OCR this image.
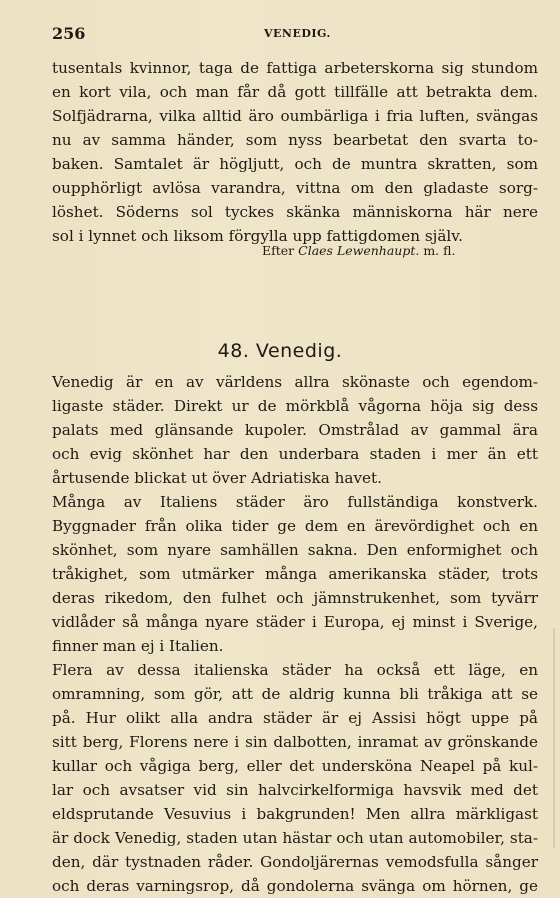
256	VENEDIG.
tusentals kvinnor, taga de fattiga arbeterskorna sig stundom
en kort vila, och man får då gott tillfälle att betrakta dem.
Solfjädrarna, vilka alltid äro oumbärliga i fria luften, svängas
nu av samma händer, som nyss bearbetat den svarta to-
baken. Samtalet är högljutt, och de muntra skratten, som
oupphörligt avlösa varandra, vittna om den gladaste sorg-
löshet. Söderns sol tyckes skänka människorna här nere
sol i lynnet och liksom förgylla upp fattigdomen själv.
Efter Claes Lewenhaupt. m. fl.
48. Venedig.
Venedig är en av världens allra skönaste och egendom-
ligaste städer. Direkt ur de mörkblå vågorna höja sig dess
palats med glänsande kupoler. Omstrålad av gammal ära
och evig skönhet har den underbara staden i mer än ett
årtusende blickat ut över Adriatiska havet.
Många av Italiens städer äro fullständiga konstverk.
Byggnader från olika tider ge dem en ärevördighet och en
skönhet, som nyare samhällen sakna. Den enformighet och
tråkighet, som utmärker många amerikanska städer, trots
deras rikedom, den fulhet och jämnstrukenhet, som tyvärr
vidlåder så många nyare städer i Europa, ej minst i Sverige,
finner man ej i Italien.
Flera av dessa italienska städer ha också ett läge, en
omramning, som gör, att de aldrig kunna bli tråkiga att se
på. Hur olikt alla andra städer är ej Assisi högt uppe på
sitt berg, Florens nere i sin dalbotten, inramat av grönskande
kullar och vågiga berg, eller det undersköna Neapel på kul-
lar och avsatser vid sin halvcirkelformiga havsvik med det
eldsprutande Vesuvius i bakgrunden! Men allra märkligast
är dock Venedig, staden utan hästar och utan automobiler, sta-
den, där tystnaden råder. Gondoljärernas vemodsfulla sånger
och deras varningsrop, då gondolerna svänga om hörnen, ge
